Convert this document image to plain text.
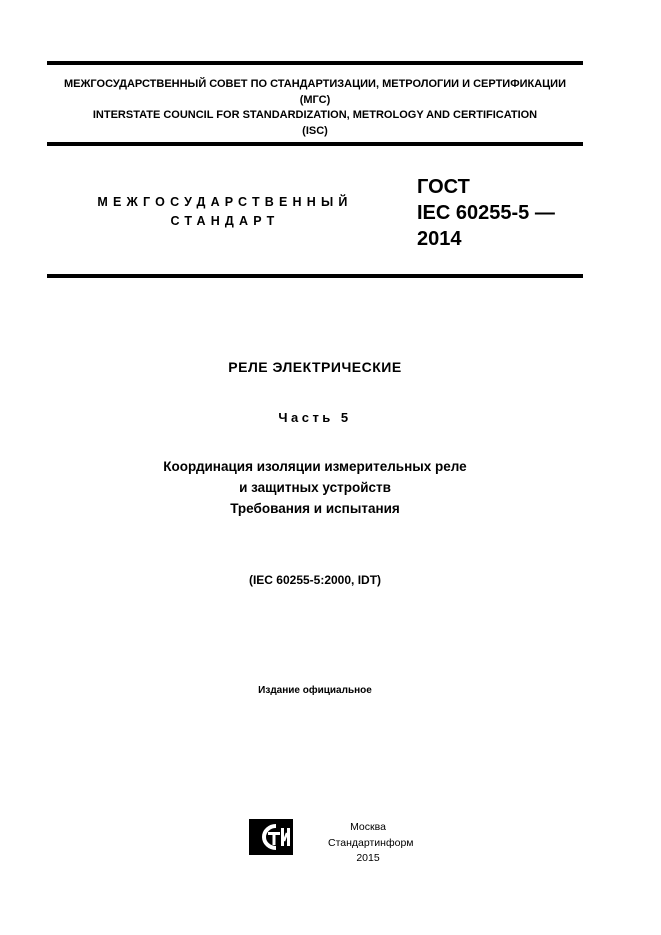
МЕЖГОСУДАРСТВЕННЫЙ СОВЕТ ПО СТАНДАРТИЗАЦИИ, МЕТРОЛОГИИ И СЕРТИФИКАЦИИ
(МГС)
INTERSTATE COUNCIL FOR STANDARDIZATION, METROLOGY AND CERTIFICATION
(ISC)
МЕЖГОСУДАРСТВЕННЫЙ
СТАНДАРТ
ГОСТ
IEC 60255-5 —
2014
РЕЛЕ ЭЛЕКТРИЧЕСКИЕ
Часть 5
Координация изоляции измерительных реле
и защитных устройств
Требования и испытания
(IEC 60255-5:2000, IDT)
Издание официальное
Москва
Стандартинформ
2015
